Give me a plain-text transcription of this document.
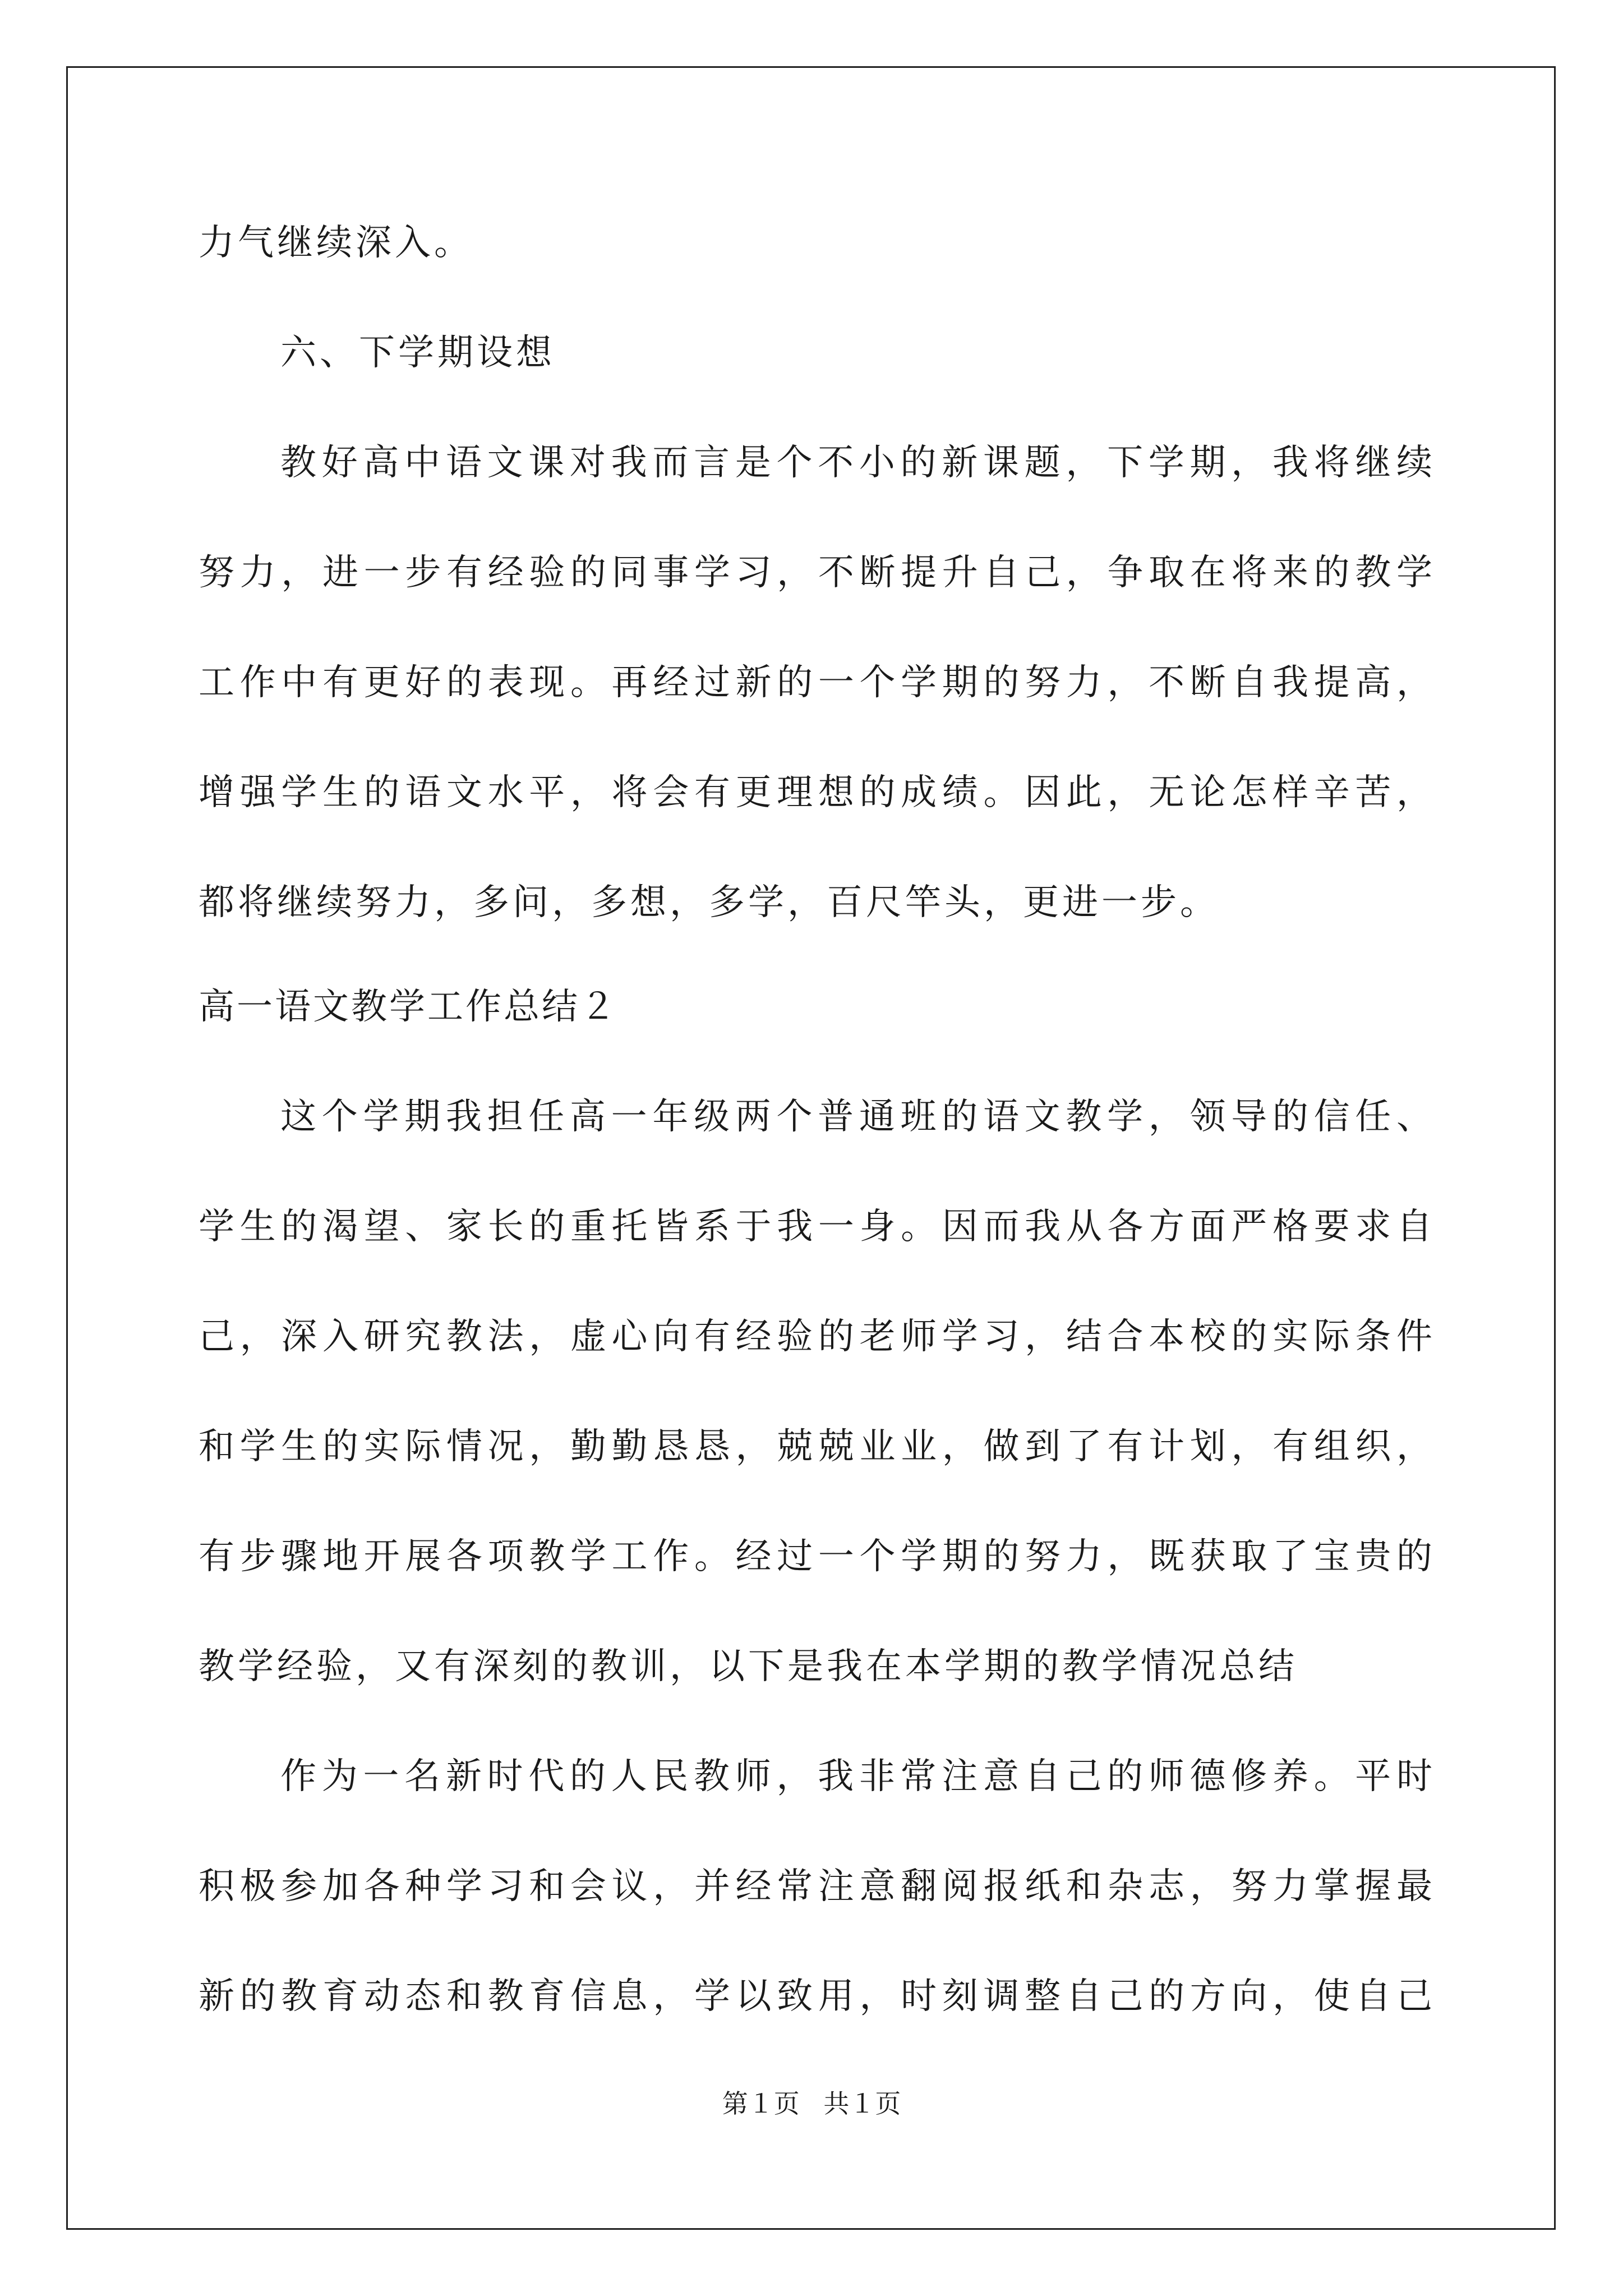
力气继续深入。
六、下学期设想
教好高中语文课对我而言是个不小的新课题，下学期，我将继续
努力，进一步有经验的同事学习，不断提升自己，争取在将来的教学
工作中有更好的表现。再经过新的一个学期的努力，不断自我提高，
增强学生的语文水平，将会有更理想的成绩。因此，无论怎样辛苦，
都将继续努力，多问，多想，多学，百尺竿头，更进一步。
高一语文教学工作总结２
这个学期我担任高一年级两个普通班的语文教学，领导的信任、
学生的渴望、家长的重托皆系于我一身。因而我从各方面严格要求自
己，深入研究教法，虚心向有经验的老师学习，结合本校的实际条件
和学生的实际情况，勤勤恳恳，兢兢业业，做到了有计划，有组织，
有步骤地开展各项教学工作。经过一个学期的努力，既获取了宝贵的
教学经验，又有深刻的教训，以下是我在本学期的教学情况总结
作为一名新时代的人民教师，我非常注意自己的师德修养。平时
积极参加各种学习和会议，并经常注意翻阅报纸和杂志，努力掌握最
新的教育动态和教育信息，学以致用，时刻调整自己的方向，使自己
第１页 共１页
